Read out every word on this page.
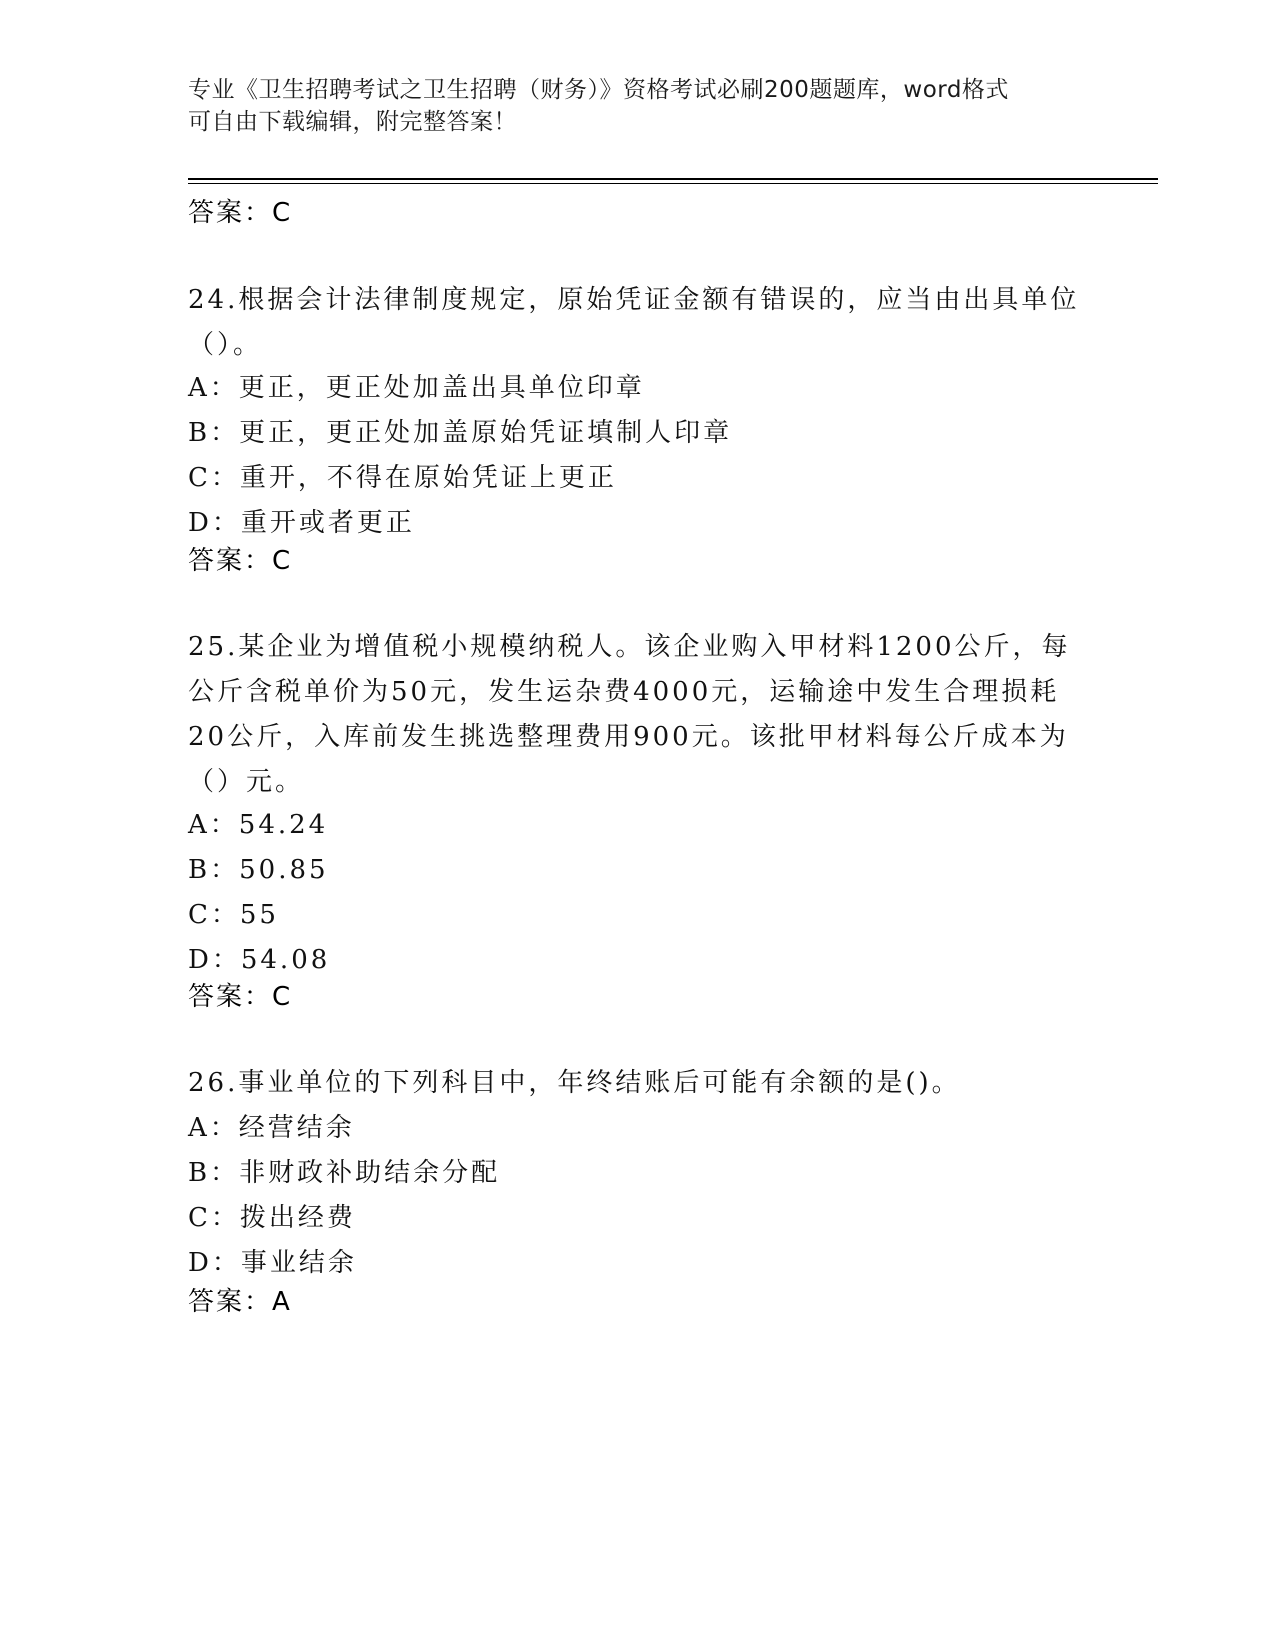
专业《卫生招聘考试之卫生招聘（财务）》资格考试必刷200题题库，word格式
可自由下载编辑，附完整答案！
答案：C
24.根据会计法律制度规定，原始凭证金额有错误的，应当由出具单位
（）。
A：更正，更正处加盖出具单位印章
B：更正，更正处加盖原始凭证填制人印章
C：重开，不得在原始凭证上更正
D：重开或者更正
答案：C
25.某企业为增值税小规模纳税人。该企业购入甲材料1200公斤，每
公斤含税单价为50元，发生运杂费4000元，运输途中发生合理损耗
20公斤，入库前发生挑选整理费用900元。该批甲材料每公斤成本为
（）元。
A：54.24
B：50.85
C：55
D：54.08
答案：C
26.事业单位的下列科目中，年终结账后可能有余额的是()。
A：经营结余
B：非财政补助结余分配
C：拨出经费
D：事业结余
答案：A
